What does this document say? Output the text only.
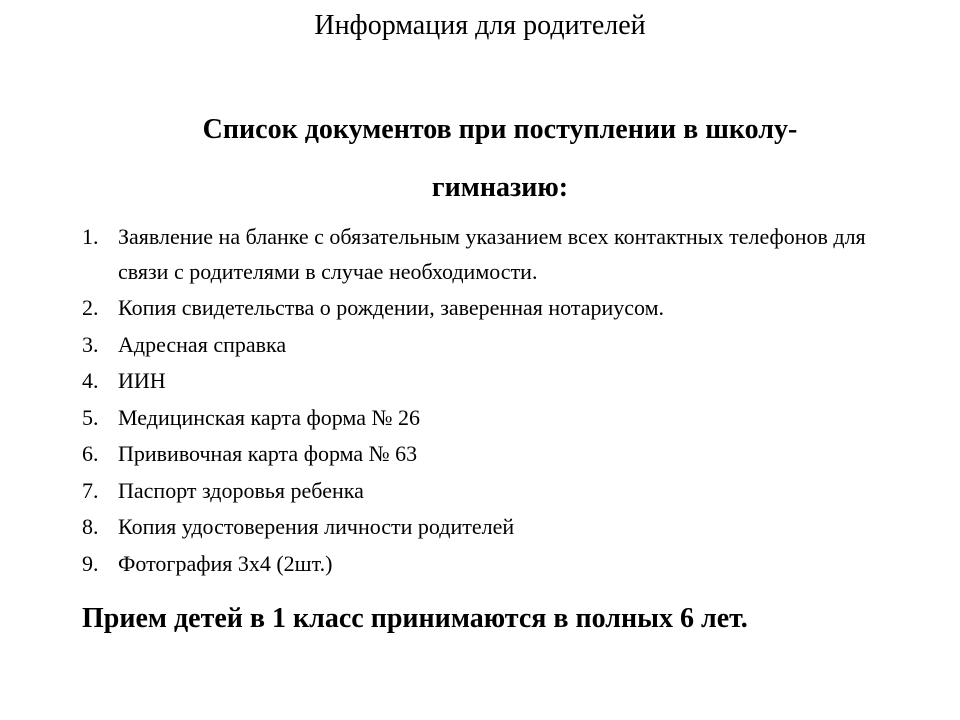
Информация для родителей
Список документов при поступлении в школу-гимназию:
1. Заявление на бланке с обязательным указанием всех контактных телефонов для связи с родителями в случае необходимости.
2. Копия свидетельства о рождении, заверенная нотариусом.
3. Адресная справка
4. ИИН
5. Медицинская карта форма № 26
6. Прививочная карта форма № 63
7. Паспорт здоровья ребенка
8. Копия удостоверения личности родителей
9. Фотография 3х4 (2шт.)

Прием детей в 1 класс принимаются в полных 6 лет.
